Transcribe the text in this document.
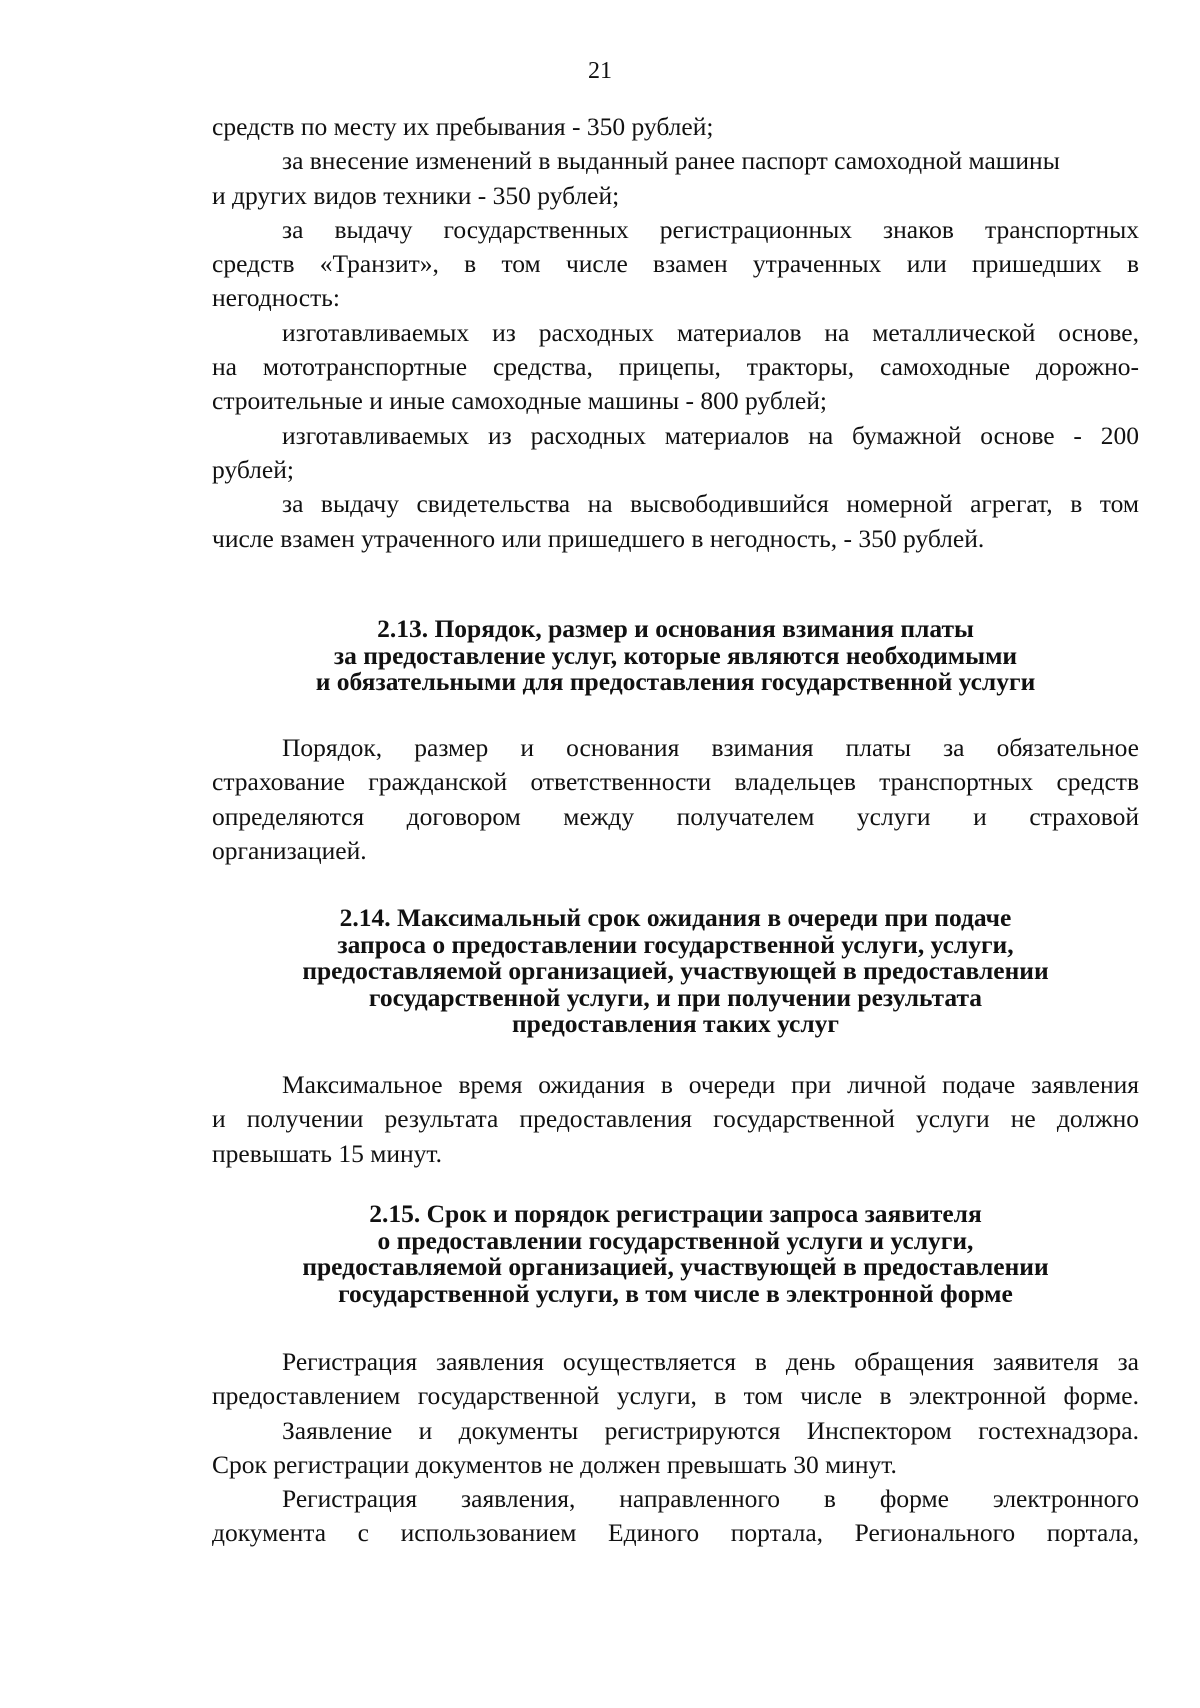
21
средств по месту их пребывания - 350 рублей;
за внесение изменений в выданный ранее паспорт самоходной машины
и других видов техники - 350 рублей;
за выдачу государственных регистрационных знаков транспортных
средств «Транзит», в том числе взамен утраченных или пришедших в
негодность:
изготавливаемых из расходных материалов на металлической основе,
на мототранспортные средства, прицепы, тракторы, самоходные дорожно-
строительные и иные самоходные машины - 800 рублей;
изготавливаемых из расходных материалов на бумажной основе - 200
рублей;
за выдачу свидетельства на высвободившийся номерной агрегат, в том
числе взамен утраченного или пришедшего в негодность, - 350 рублей.
2.13. Порядок, размер и основания взимания платы
за предоставление услуг, которые являются необходимыми
и обязательными для предоставления государственной услуги
Порядок, размер и основания взимания платы за обязательное
страхование гражданской ответственности владельцев транспортных средств
определяются договором между получателем услуги и страховой
организацией.
2.14. Максимальный срок ожидания в очереди при подаче
запроса о предоставлении государственной услуги, услуги,
предоставляемой организацией, участвующей в предоставлении
государственной услуги, и при получении результата
предоставления таких услуг
Максимальное время ожидания в очереди при личной подаче заявления
и получении результата предоставления государственной услуги не должно
превышать 15 минут.
2.15. Срок и порядок регистрации запроса заявителя
о предоставлении государственной услуги и услуги,
предоставляемой организацией, участвующей в предоставлении
государственной услуги, в том числе в электронной форме
Регистрация заявления осуществляется в день обращения заявителя за
предоставлением государственной услуги, в том числе в электронной форме.
Заявление и документы регистрируются Инспектором гостехнадзора.
Срок регистрации документов не должен превышать 30 минут.
Регистрация заявления, направленного в форме электронного
документа с использованием Единого портала, Регионального портала,
